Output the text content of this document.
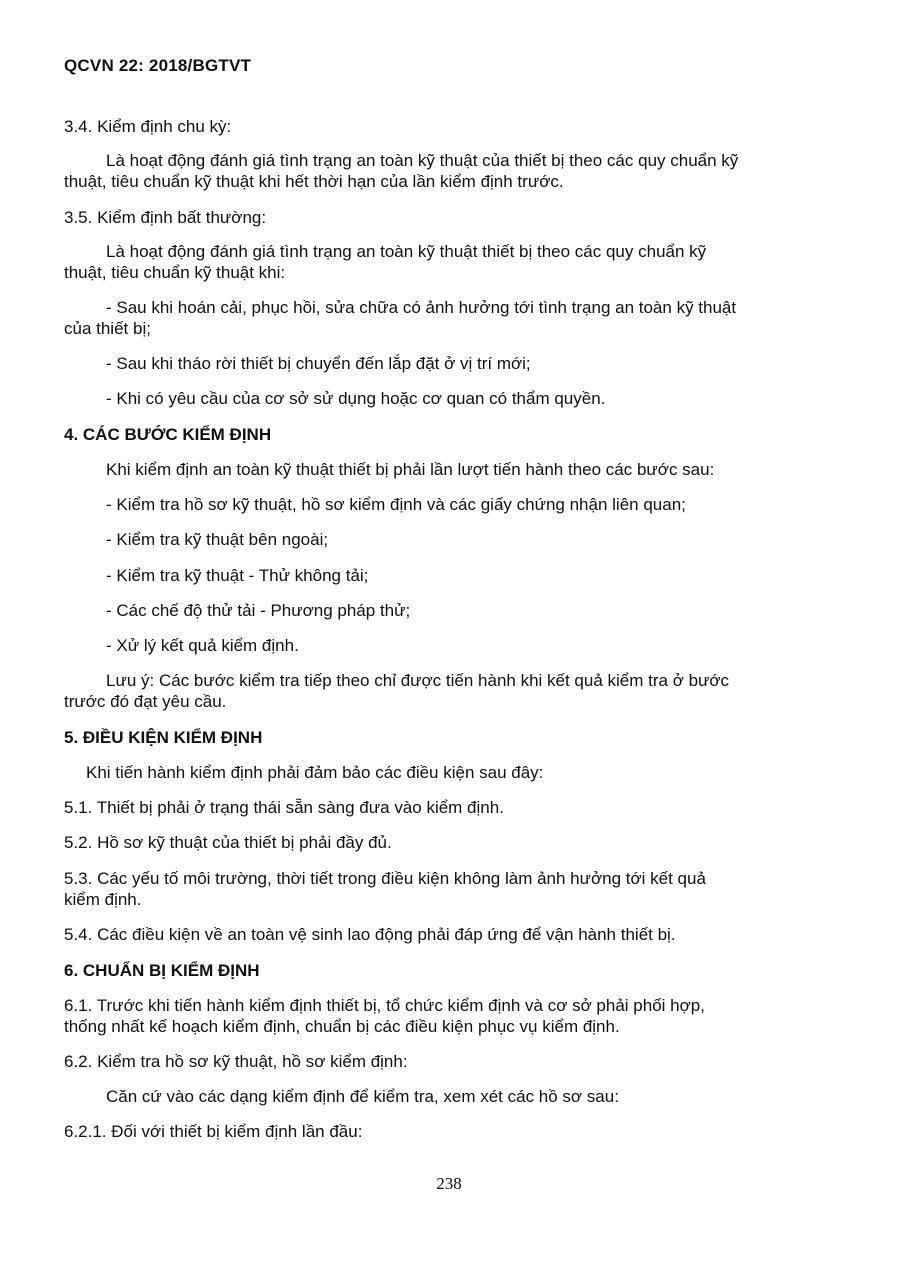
QCVN 22: 2018/BGTVT
3.4. Kiểm định chu kỳ:
Là hoạt động đánh giá tình trạng an toàn kỹ thuật của thiết bị theo các quy chuẩn kỹ
thuật, tiêu chuẩn kỹ thuật khi hết thời hạn của lần kiểm định trước.
3.5. Kiểm định bất thường:
Là hoạt động đánh giá tình trạng an toàn kỹ thuật thiết bị theo các quy chuẩn kỹ
thuật, tiêu chuẩn kỹ thuật khi:
- Sau khi hoán cải, phục hồi, sửa chữa có ảnh hưởng tới tình trạng an toàn kỹ thuật
của thiết bị;
- Sau khi tháo rời thiết bị chuyển đến lắp đặt ở vị trí mới;
- Khi có yêu cầu của cơ sở sử dụng hoặc cơ quan có thẩm quyền.
4. CÁC BƯỚC KIỂM ĐỊNH
Khi kiểm định an toàn kỹ thuật thiết bị phải lần lượt tiến hành theo các bước sau:
- Kiểm tra hồ sơ kỹ thuật, hồ sơ kiểm định và các giấy chứng nhận liên quan;
- Kiểm tra kỹ thuật bên ngoài;
- Kiểm tra kỹ thuật - Thử không tải;
- Các chế độ thử tải - Phương pháp thử;
- Xử lý kết quả kiểm định.
Lưu ý: Các bước kiểm tra tiếp theo chỉ được tiến hành khi kết quả kiểm tra ở bước
trước đó đạt yêu cầu.
5. ĐIỀU KIỆN KIỂM ĐỊNH
Khi tiến hành kiểm định phải đảm bảo các điều kiện sau đây:
5.1. Thiết bị phải ở trạng thái sẵn sàng đưa vào kiểm định.
5.2. Hồ sơ kỹ thuật của thiết bị phải đầy đủ.
5.3. Các yếu tố môi trường, thời tiết trong điều kiện không làm ảnh hưởng tới kết quả
kiểm định.
5.4. Các điều kiện về an toàn vệ sinh lao động phải đáp ứng để vận hành thiết bị.
6. CHUẨN BỊ KIỂM ĐỊNH
6.1. Trước khi tiến hành kiểm định thiết bị, tổ chức kiểm định và cơ sở phải phối hợp,
thống nhất kế hoạch kiểm định, chuẩn bị các điều kiện phục vụ kiểm định.
6.2. Kiểm tra hồ sơ kỹ thuật, hồ sơ kiểm định:
Căn cứ vào các dạng kiểm định để kiểm tra, xem xét các hồ sơ sau:
6.2.1. Đối với thiết bị kiểm định lần đầu:
238
